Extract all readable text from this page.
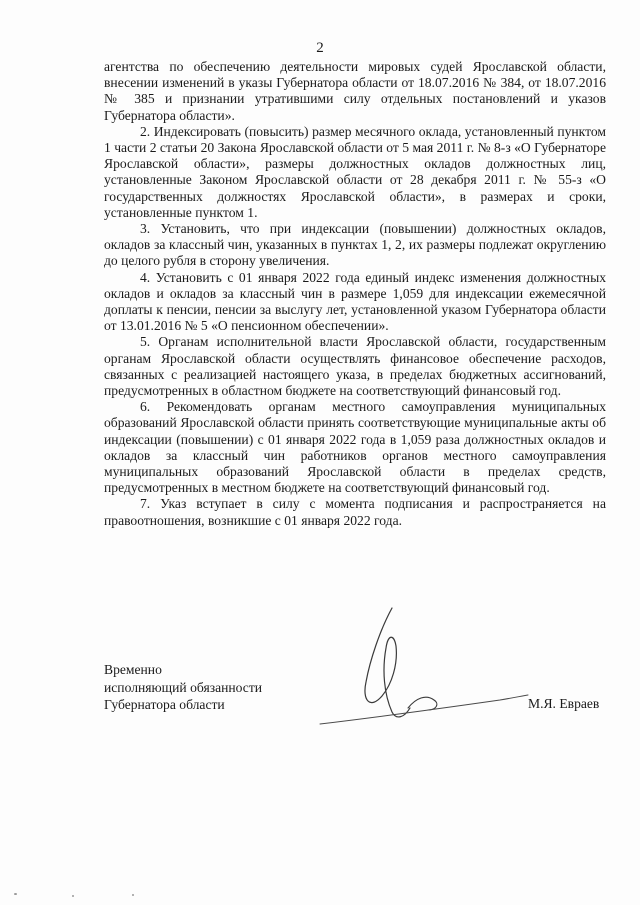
2

агентства по обеспечению деятельности мировых судей Ярославской области, внесении изменений в указы Губернатора области от 18.07.2016 № 384, от 18.07.2016 № 385 и признании утратившими силу отдельных постановлений и указов Губернатора области».

2. Индексировать (повысить) размер месячного оклада, установленный пунктом 1 части 2 статьи 20 Закона Ярославской области от 5 мая 2011 г. № 8-з «О Губернаторе Ярославской области», размеры должностных окладов должностных лиц, установленные Законом Ярославской области от 28 декабря 2011 г. № 55-з «О государственных должностях Ярославской области», в размерах и сроки, установленные пунктом 1.

3. Установить, что при индексации (повышении) должностных окладов, окладов за классный чин, указанных в пунктах 1, 2, их размеры подлежат округлению до целого рубля в сторону увеличения.

4. Установить с 01 января 2022 года единый индекс изменения должностных окладов и окладов за классный чин в размере 1,059 для индексации ежемесячной доплаты к пенсии, пенсии за выслугу лет, установленной указом Губернатора области от 13.01.2016 № 5 «О пенсионном обеспечении».

5. Органам исполнительной власти Ярославской области, государственным органам Ярославской области осуществлять финансовое обеспечение расходов, связанных с реализацией настоящего указа, в пределах бюджетных ассигнований, предусмотренных в областном бюджете на соответствующий финансовый год.

6. Рекомендовать органам местного самоуправления муниципальных образований Ярославской области принять соответствующие муниципальные акты об индексации (повышении) с 01 января 2022 года в 1,059 раза должностных окладов и окладов за классный чин работников органов местного самоуправления муниципальных образований Ярославской области в пределах средств, предусмотренных в местном бюджете на соответствующий финансовый год.

7. Указ вступает в силу с момента подписания и распространяется на правоотношения, возникшие с 01 января 2022 года.

Временно
исполняющий обязанности
Губернатора области	М.Я. Евраев
